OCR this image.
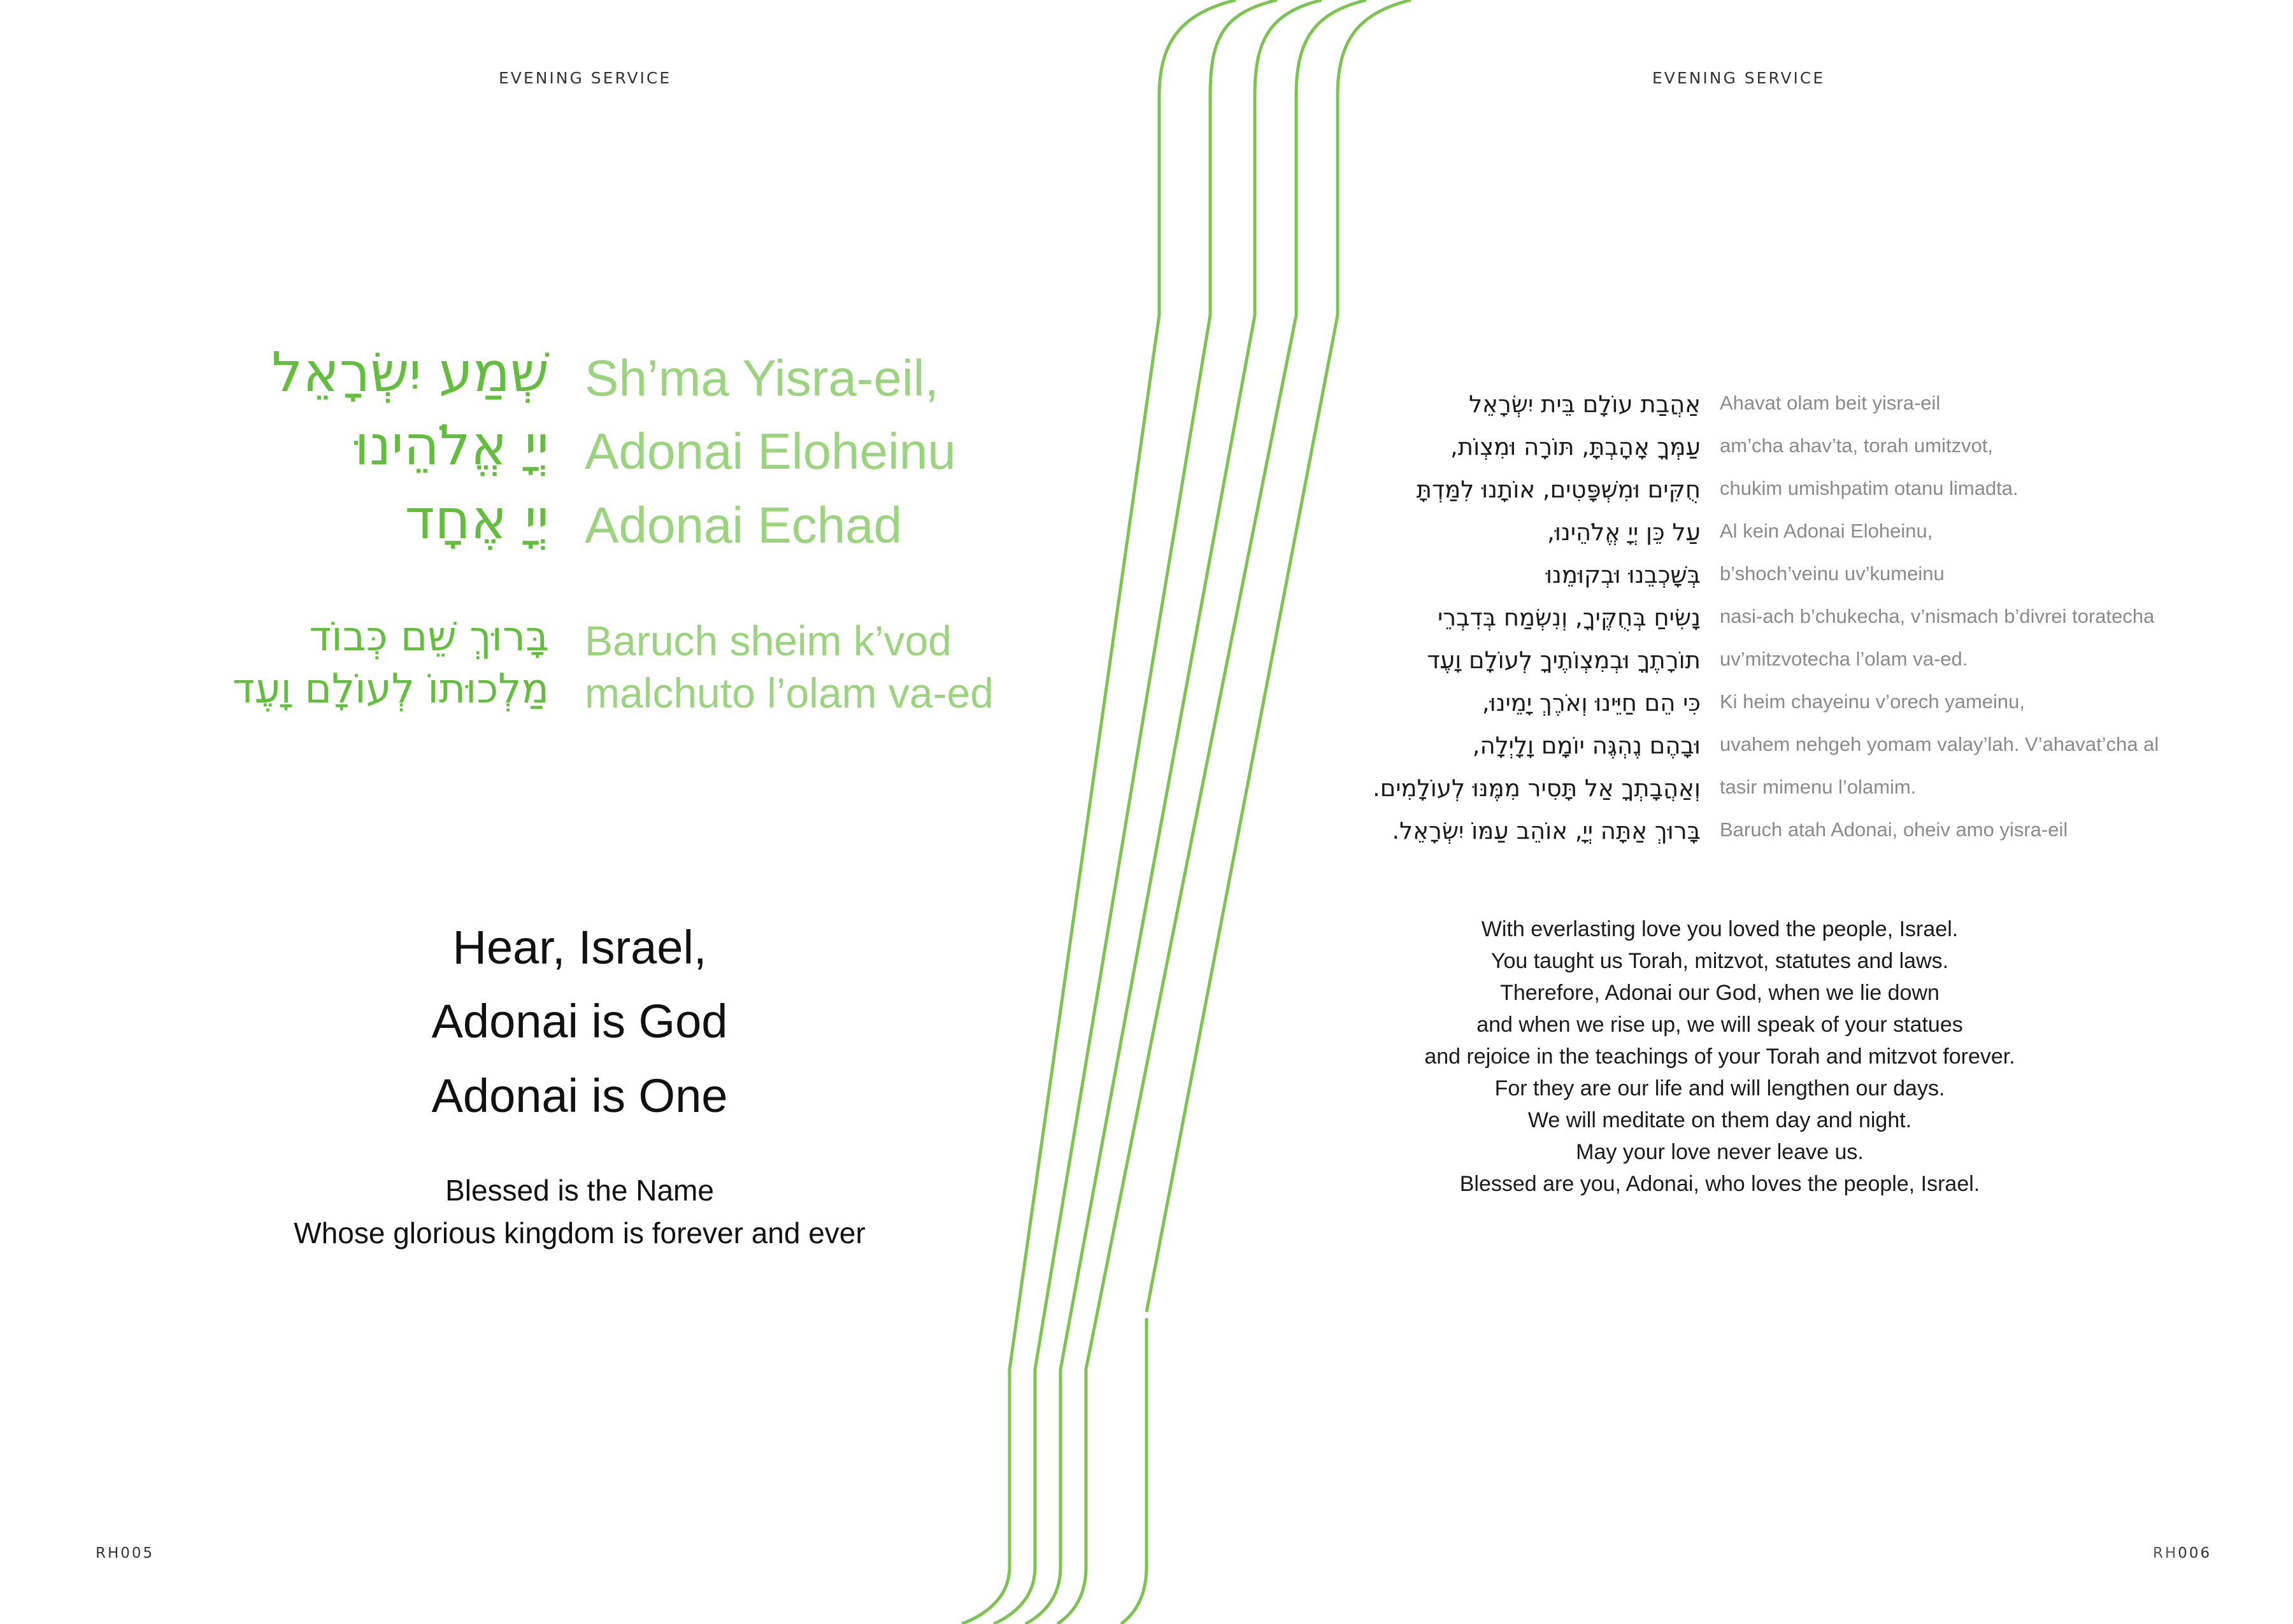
EVENING SERVICE
שְׁמַע יִשְׂרָאֵל
יְיָ אֱלֹהֵינוּ
יְיָ אֶחָד
Sh’ma Yisra-eil,
Adonai Eloheinu
Adonai Echad
בָּרוּךְ שֵׁם כְּבוֹד
מַלְכוּתוֹ לְעוֹלָם וָעֶד
Baruch sheim k’vod
malchuto l’olam va-ed
Hear, Israel,
Adonai is God
Adonai is One
Blessed is the Name
Whose glorious kingdom is forever and ever
RH005
EVENING SERVICE
אַהֲבַת עוֹלָם בֵּית יִשְׂרָאֵל
עַמְּךָ אָהָבְתָּ, תּוֹרָה וּמִצְוֹת,
חֻקִּים וּמִשְׁפָּטִים, אוֹתָנוּ לִמַּדְתָּ
עַל כֵּן יְיָ אֱלֹהֵינוּ,
בְּשָׁכְבֵנוּ וּבְקוּמֵנוּ
נָשִׂיחַ בְּחֻקֶּיךָ, וְנִשְׂמַח בְּדִבְרֵי
תוֹרָתֶךָ וּבְמִצְוֹתֶיךָ לְעוֹלָם וָעֶד
כִּי הֵם חַיֵּינוּ וְאֹרֶךְ יָמֵינוּ,
וּבָהֶם נֶהְגֶּה יוֹמָם וָלָיְלָה,
וְאַהֲבָתְךָ אַל תָּסִיר מִמֶּנּוּ לְעוֹלָמִים.
בָּרוּךְ אַתָּה יְיָ, אוֹהֵב עַמּוֹ יִשְׂרָאֵל.
Ahavat olam beit yisra-eil
am’cha ahav’ta, torah umitzvot,
chukim umishpatim otanu limadta.
Al kein Adonai Eloheinu,
b’shoch’veinu uv’kumeinu
nasi-ach b’chukecha, v’nismach b’divrei toratecha
uv’mitzvotecha l’olam va-ed.
Ki heim chayeinu v’orech yameinu,
uvahem nehgeh yomam valay’lah. V’ahavat’cha al
tasir mimenu l’olamim.
Baruch atah Adonai, oheiv amo yisra-eil
With everlasting love you loved the people, Israel.
You taught us Torah, mitzvot, statutes and laws.
Therefore, Adonai our God, when we lie down
and when we rise up, we will speak of your statues
and rejoice in the teachings of your Torah and mitzvot forever.
For they are our life and will lengthen our days.
We will meditate on them day and night.
May your love never leave us.
Blessed are you, Adonai, who loves the people, Israel.
RH006
